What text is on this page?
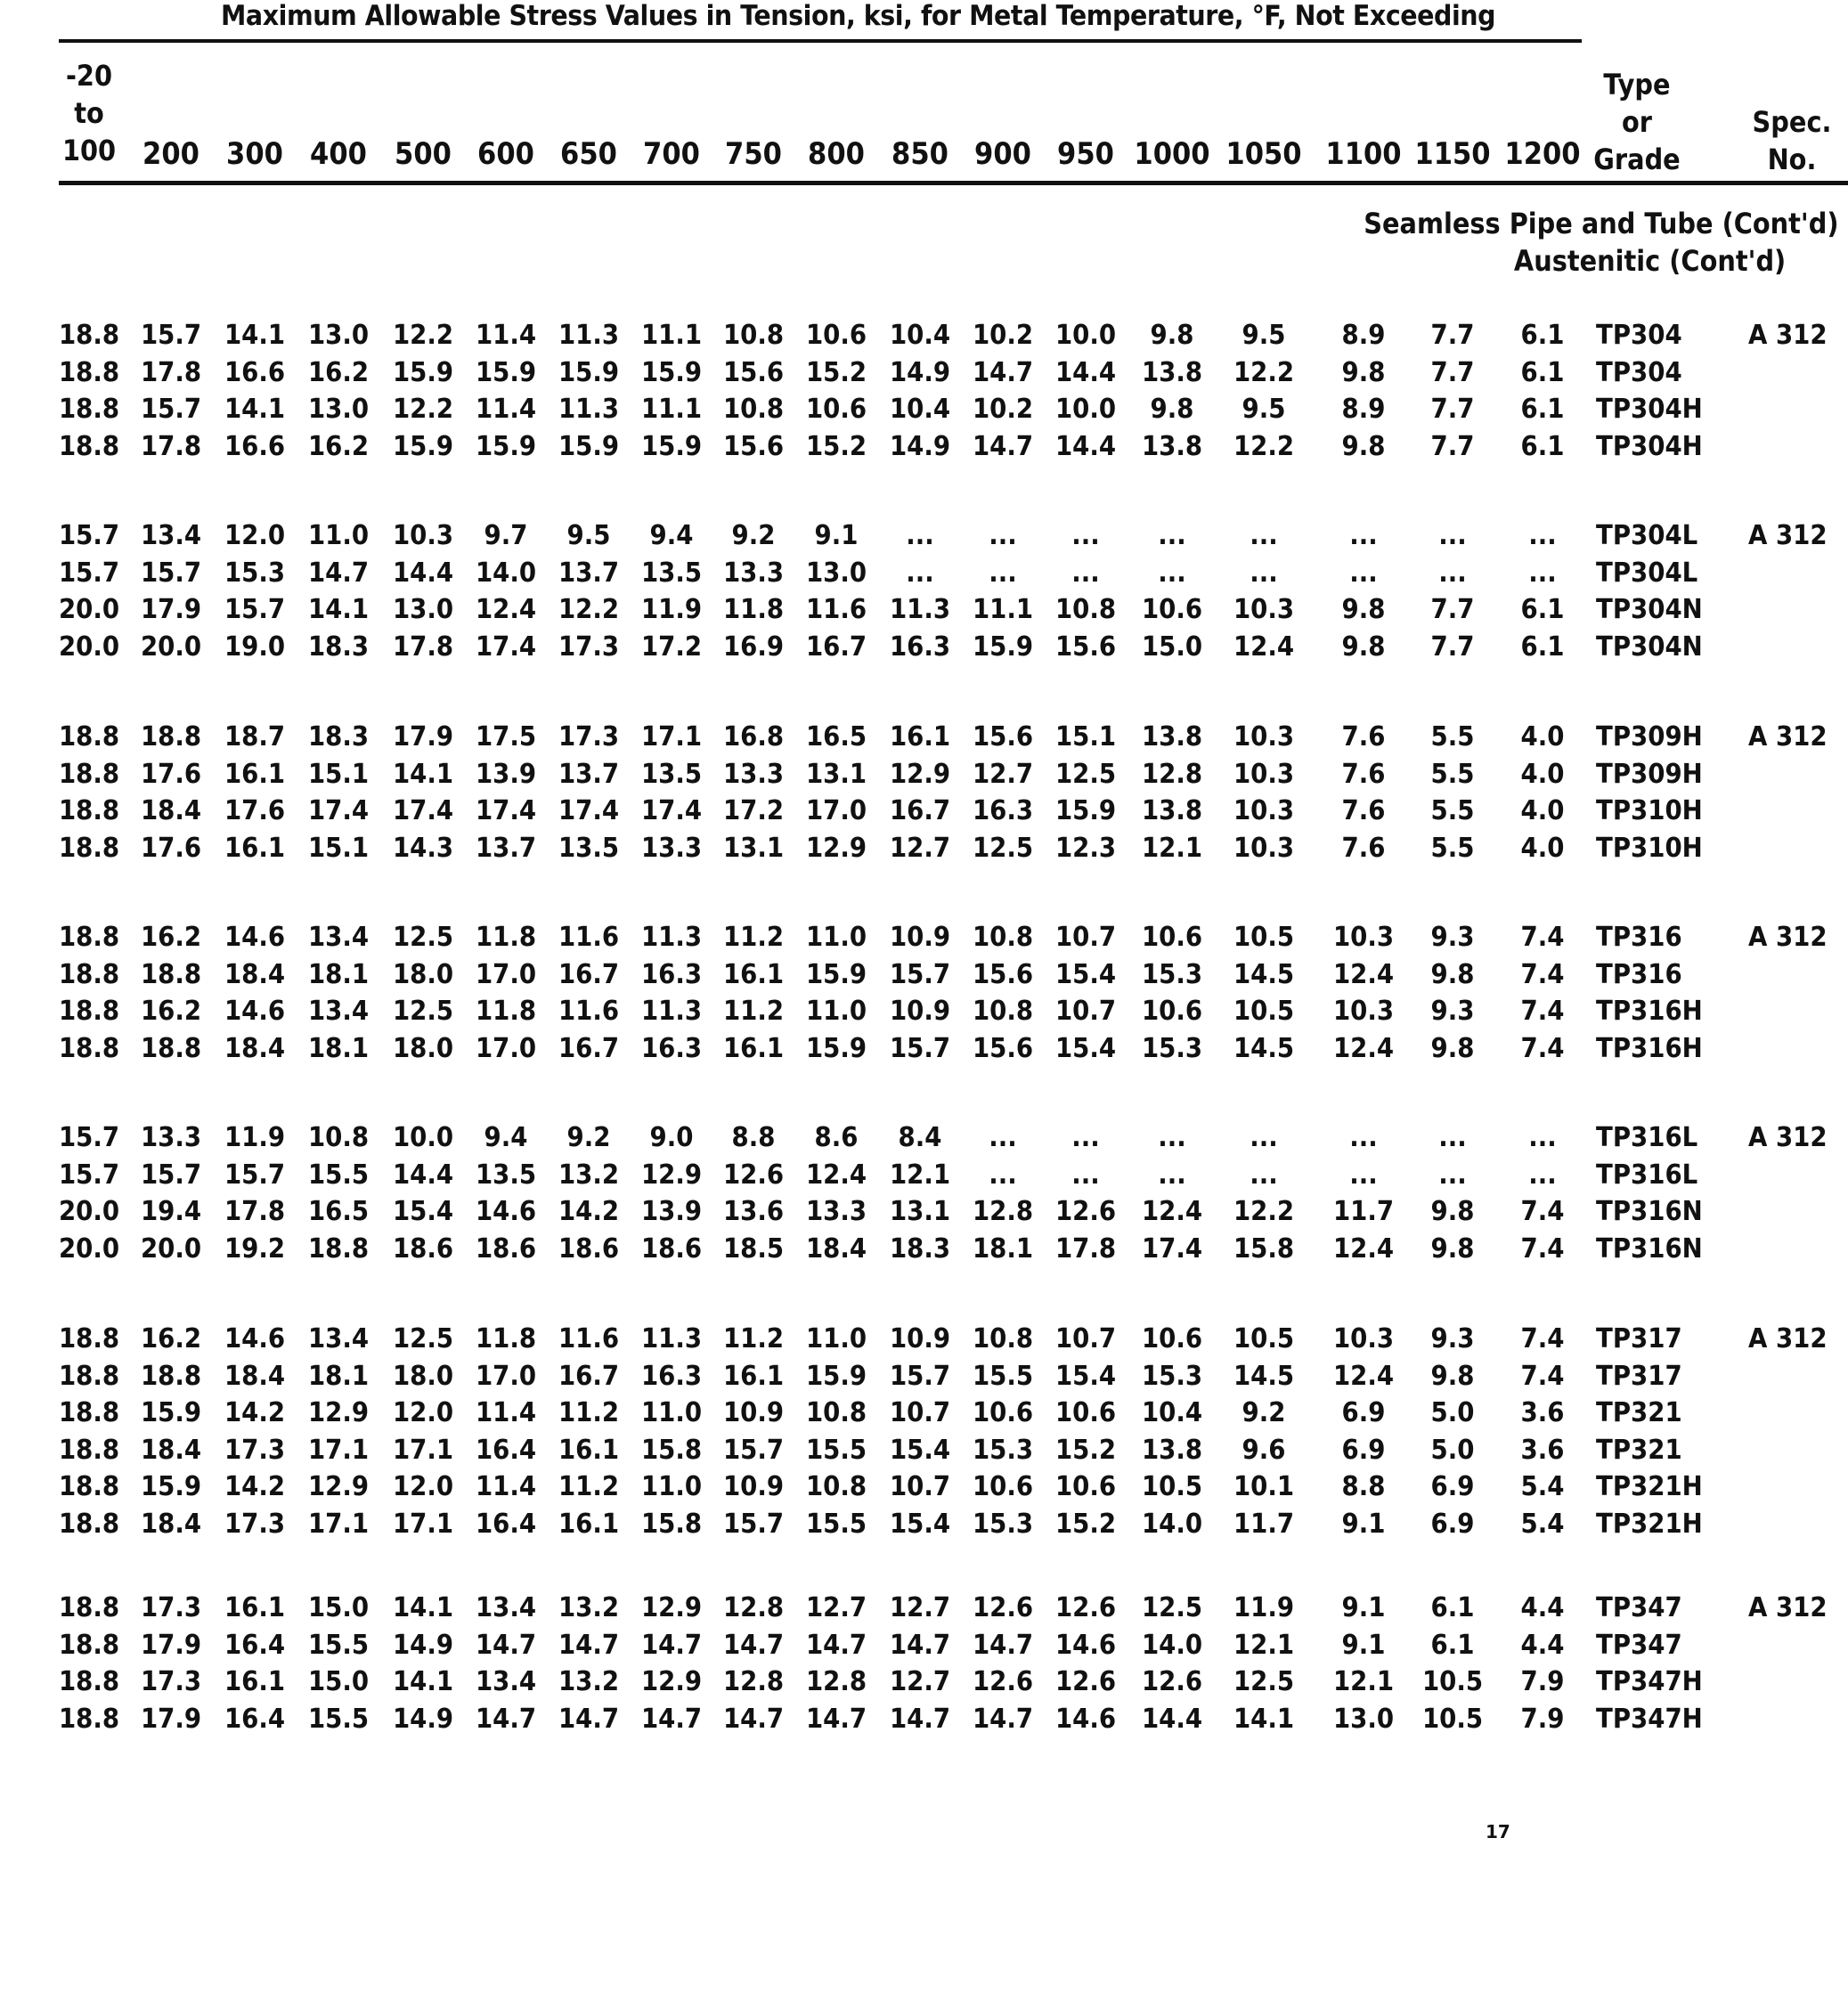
Maximum Allowable Stress Values in Tension, ksi, for Metal Temperature, °F, Not Exceeding
-20
to
100 200 300 400 500 600 650 700 750 800 850 900 950 1000 1050 1100 1150 1200
Type
or
Grade
Spec.
No.
Seamless Pipe and Tube (Cont'd)
Austenitic (Cont'd)
18.8 15.7 14.1 13.0 12.2 11.4 11.3 11.1 10.8 10.6 10.4 10.2 10.0 9.8 9.5 8.9 7.7 6.1 TP304 A 312
18.8 17.8 16.6 16.2 15.9 15.9 15.9 15.9 15.6 15.2 14.9 14.7 14.4 13.8 12.2 9.8 7.7 6.1 TP304
18.8 15.7 14.1 13.0 12.2 11.4 11.3 11.1 10.8 10.6 10.4 10.2 10.0 9.8 9.5 8.9 7.7 6.1 TP304H
18.8 17.8 16.6 16.2 15.9 15.9 15.9 15.9 15.6 15.2 14.9 14.7 14.4 13.8 12.2 9.8 7.7 6.1 TP304H
15.7 13.4 12.0 11.0 10.3 9.7 9.5 9.4 9.2 9.1 ... ... ... ... ...	... ... ... TP304L A 312
15.7 15.7 15.3 14.7 14.4 14.0 13.7 13.5 13.3 13.0 ... ... ... ... ...	... ... ... TP304L
20.0 17.9 15.7 14.1 13.0 12.4 12.2 11.9 11.8 11.6 11.3 11.1 10.8 10.6 10.3 9.8 7.7 6.1 TP304N
20.0 20.0 19.0 18.3 17.8 17.4 17.3 17.2 16.9 16.7 16.3 15.9 15.6 15.0 12.4 9.8 7.7 6.1 TP304N
18.8 18.8 18.7 18.3 17.9 17.5 17.3 17.1 16.8 16.5 16.1 15.6 15.1 13.8 10.3 7.6 5.5 4.0 TP309H A 312
18.8 17.6 16.1 15.1 14.1 13.9 13.7 13.5 13.3 13.1 12.9 12.7 12.5 12.8 10.3 7.6 5.5 4.0 TP309H
18.8 18.4 17.6 17.4 17.4 17.4 17.4 17.4 17.2 17.0 16.7 16.3 15.9 13.8 10.3 7.6 5.5 4.0 TP310H
18.8 17.6 16.1 15.1 14.3 13.7 13.5 13.3 13.1 12.9 12.7 12.5 12.3 12.1 10.3 7.6 5.5 4.0 TP310H
18.8 16.2 14.6 13.4 12.5 11.8 11.6 11.3 11.2 11.0 10.9 10.8 10.7 10.6 10.5 10.3 9.3 7.4 TP316 A 312
18.8 18.8 18.4 18.1 18.0 17.0 16.7 16.3 16.1 15.9 15.7 15.6 15.4 15.3 14.5 12.4 9.8 7.4 TP316
18.8 16.2 14.6 13.4 12.5 11.8 11.6 11.3 11.2 11.0 10.9 10.8 10.7 10.6 10.5 10.3 9.3 7.4 TP316H
18.8 18.8 18.4 18.1 18.0 17.0 16.7 16.3 16.1 15.9 15.7 15.6 15.4 15.3 14.5 12.4 9.8 7.4 TP316H
15.7 13.3 11.9 10.8 10.0 9.4 9.2 9.0 8.8 8.6 8.4 ... ... ... ...	... ... ... TP316L A 312
15.7 15.7 15.7 15.5 14.4 13.5 13.2 12.9 12.6 12.4 12.1 ... ... ... ...	... ... ... TP316L
20.0 19.4 17.8 16.5 15.4 14.6 14.2 13.9 13.6 13.3 13.1 12.8 12.6 12.4 12.2 11.7 9.8 7.4 TP316N
20.0 20.0 19.2 18.8 18.6 18.6 18.6 18.6 18.5 18.4 18.3 18.1 17.8 17.4 15.8 12.4 9.8 7.4 TP316N
18.8 16.2 14.6 13.4 12.5 11.8 11.6 11.3 11.2 11.0 10.9 10.8 10.7 10.6 10.5 10.3 9.3 7.4 TP317 A 312
18.8 18.8 18.4 18.1 18.0 17.0 16.7 16.3 16.1 15.9 15.7 15.5 15.4 15.3 14.5 12.4 9.8 7.4 TP317
18.8 15.9 14.2 12.9 12.0 11.4 11.2 11.0 10.9 10.8 10.7 10.6 10.6 10.4 9.2 6.9 5.0 3.6 TP321
18.8 18.4 17.3 17.1 17.1 16.4 16.1 15.8 15.7 15.5 15.4 15.3 15.2 13.8 9.6 6.9 5.0 3.6 TP321
18.8 15.9 14.2 12.9 12.0 11.4 11.2 11.0 10.9 10.8 10.7 10.6 10.6 10.5 10.1 8.8 6.9 5.4 TP321H
18.8 18.4 17.3 17.1 17.1 16.4 16.1 15.8 15.7 15.5 15.4 15.3 15.2 14.0 11.7 9.1 6.9 5.4 TP321H
18.8 17.3 16.1 15.0 14.1 13.4 13.2 12.9 12.8 12.7 12.7 12.6 12.6 12.5 11.9 9.1 6.1 4.4 TP347 A 312
18.8 17.9 16.4 15.5 14.9 14.7 14.7 14.7 14.7 14.7 14.7 14.7 14.6 14.0 12.1 9.1 6.1 4.4 TP347
18.8 17.3 16.1 15.0 14.1 13.4 13.2 12.9 12.8 12.8 12.7 12.6 12.6 12.6 12.5 12.1 10.5 7.9 TP347H
18.8 17.9 16.4 15.5 14.9 14.7 14.7 14.7 14.7 14.7 14.7 14.7 14.6 14.4 14.1 13.0 10.5 7.9 TP347H
17
